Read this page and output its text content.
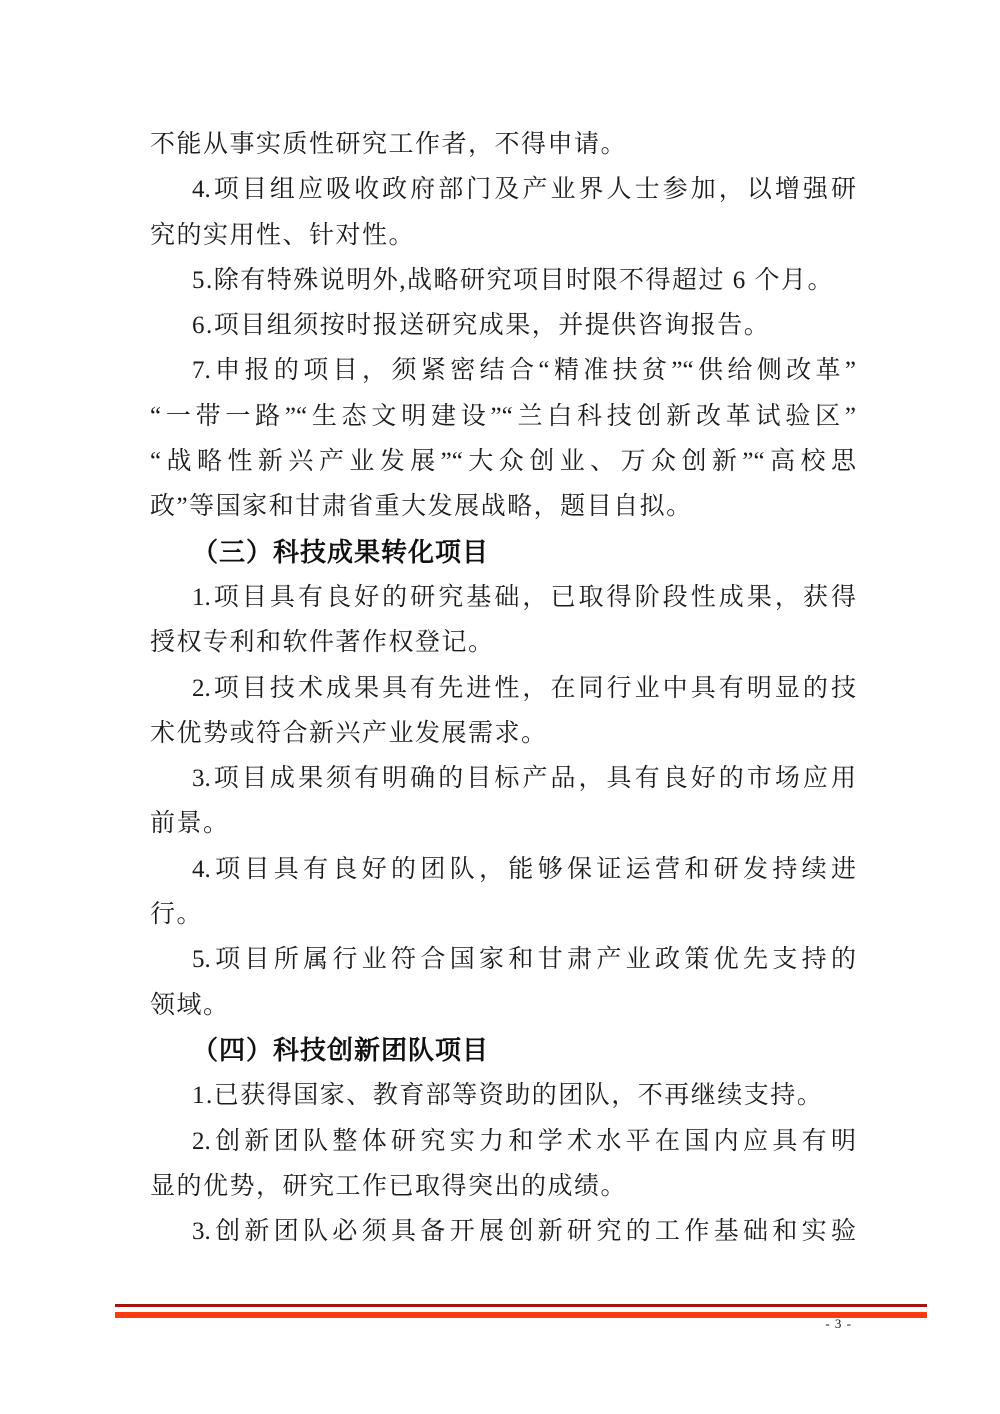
不能从事实质性研究工作者，不得申请。
4.项目组应吸收政府部门及产业界人士参加，以增强研
究的实用性、针对性。
5.除有特殊说明外,战略研究项目时限不得超过 6 个月。
6.项目组须按时报送研究成果，并提供咨询报告。
7.申报的项目，须紧密结合“精准扶贫”“供给侧改革”
“一带一路”“生态文明建设”“兰白科技创新改革试验区”
“战略性新兴产业发展”“大众创业、万众创新”“高校思
政”等国家和甘肃省重大发展战略，题目自拟。
（三）科技成果转化项目
1.项目具有良好的研究基础，已取得阶段性成果，获得
授权专利和软件著作权登记。
2.项目技术成果具有先进性，在同行业中具有明显的技
术优势或符合新兴产业发展需求。
3.项目成果须有明确的目标产品，具有良好的市场应用
前景。
4.项目具有良好的团队，能够保证运营和研发持续进
行。
5.项目所属行业符合国家和甘肃产业政策优先支持的
领域。
（四）科技创新团队项目
1.已获得国家、教育部等资助的团队，不再继续支持。
2.创新团队整体研究实力和学术水平在国内应具有明
显的优势，研究工作已取得突出的成绩。
3.创新团队必须具备开展创新研究的工作基础和实验
- 3 -
